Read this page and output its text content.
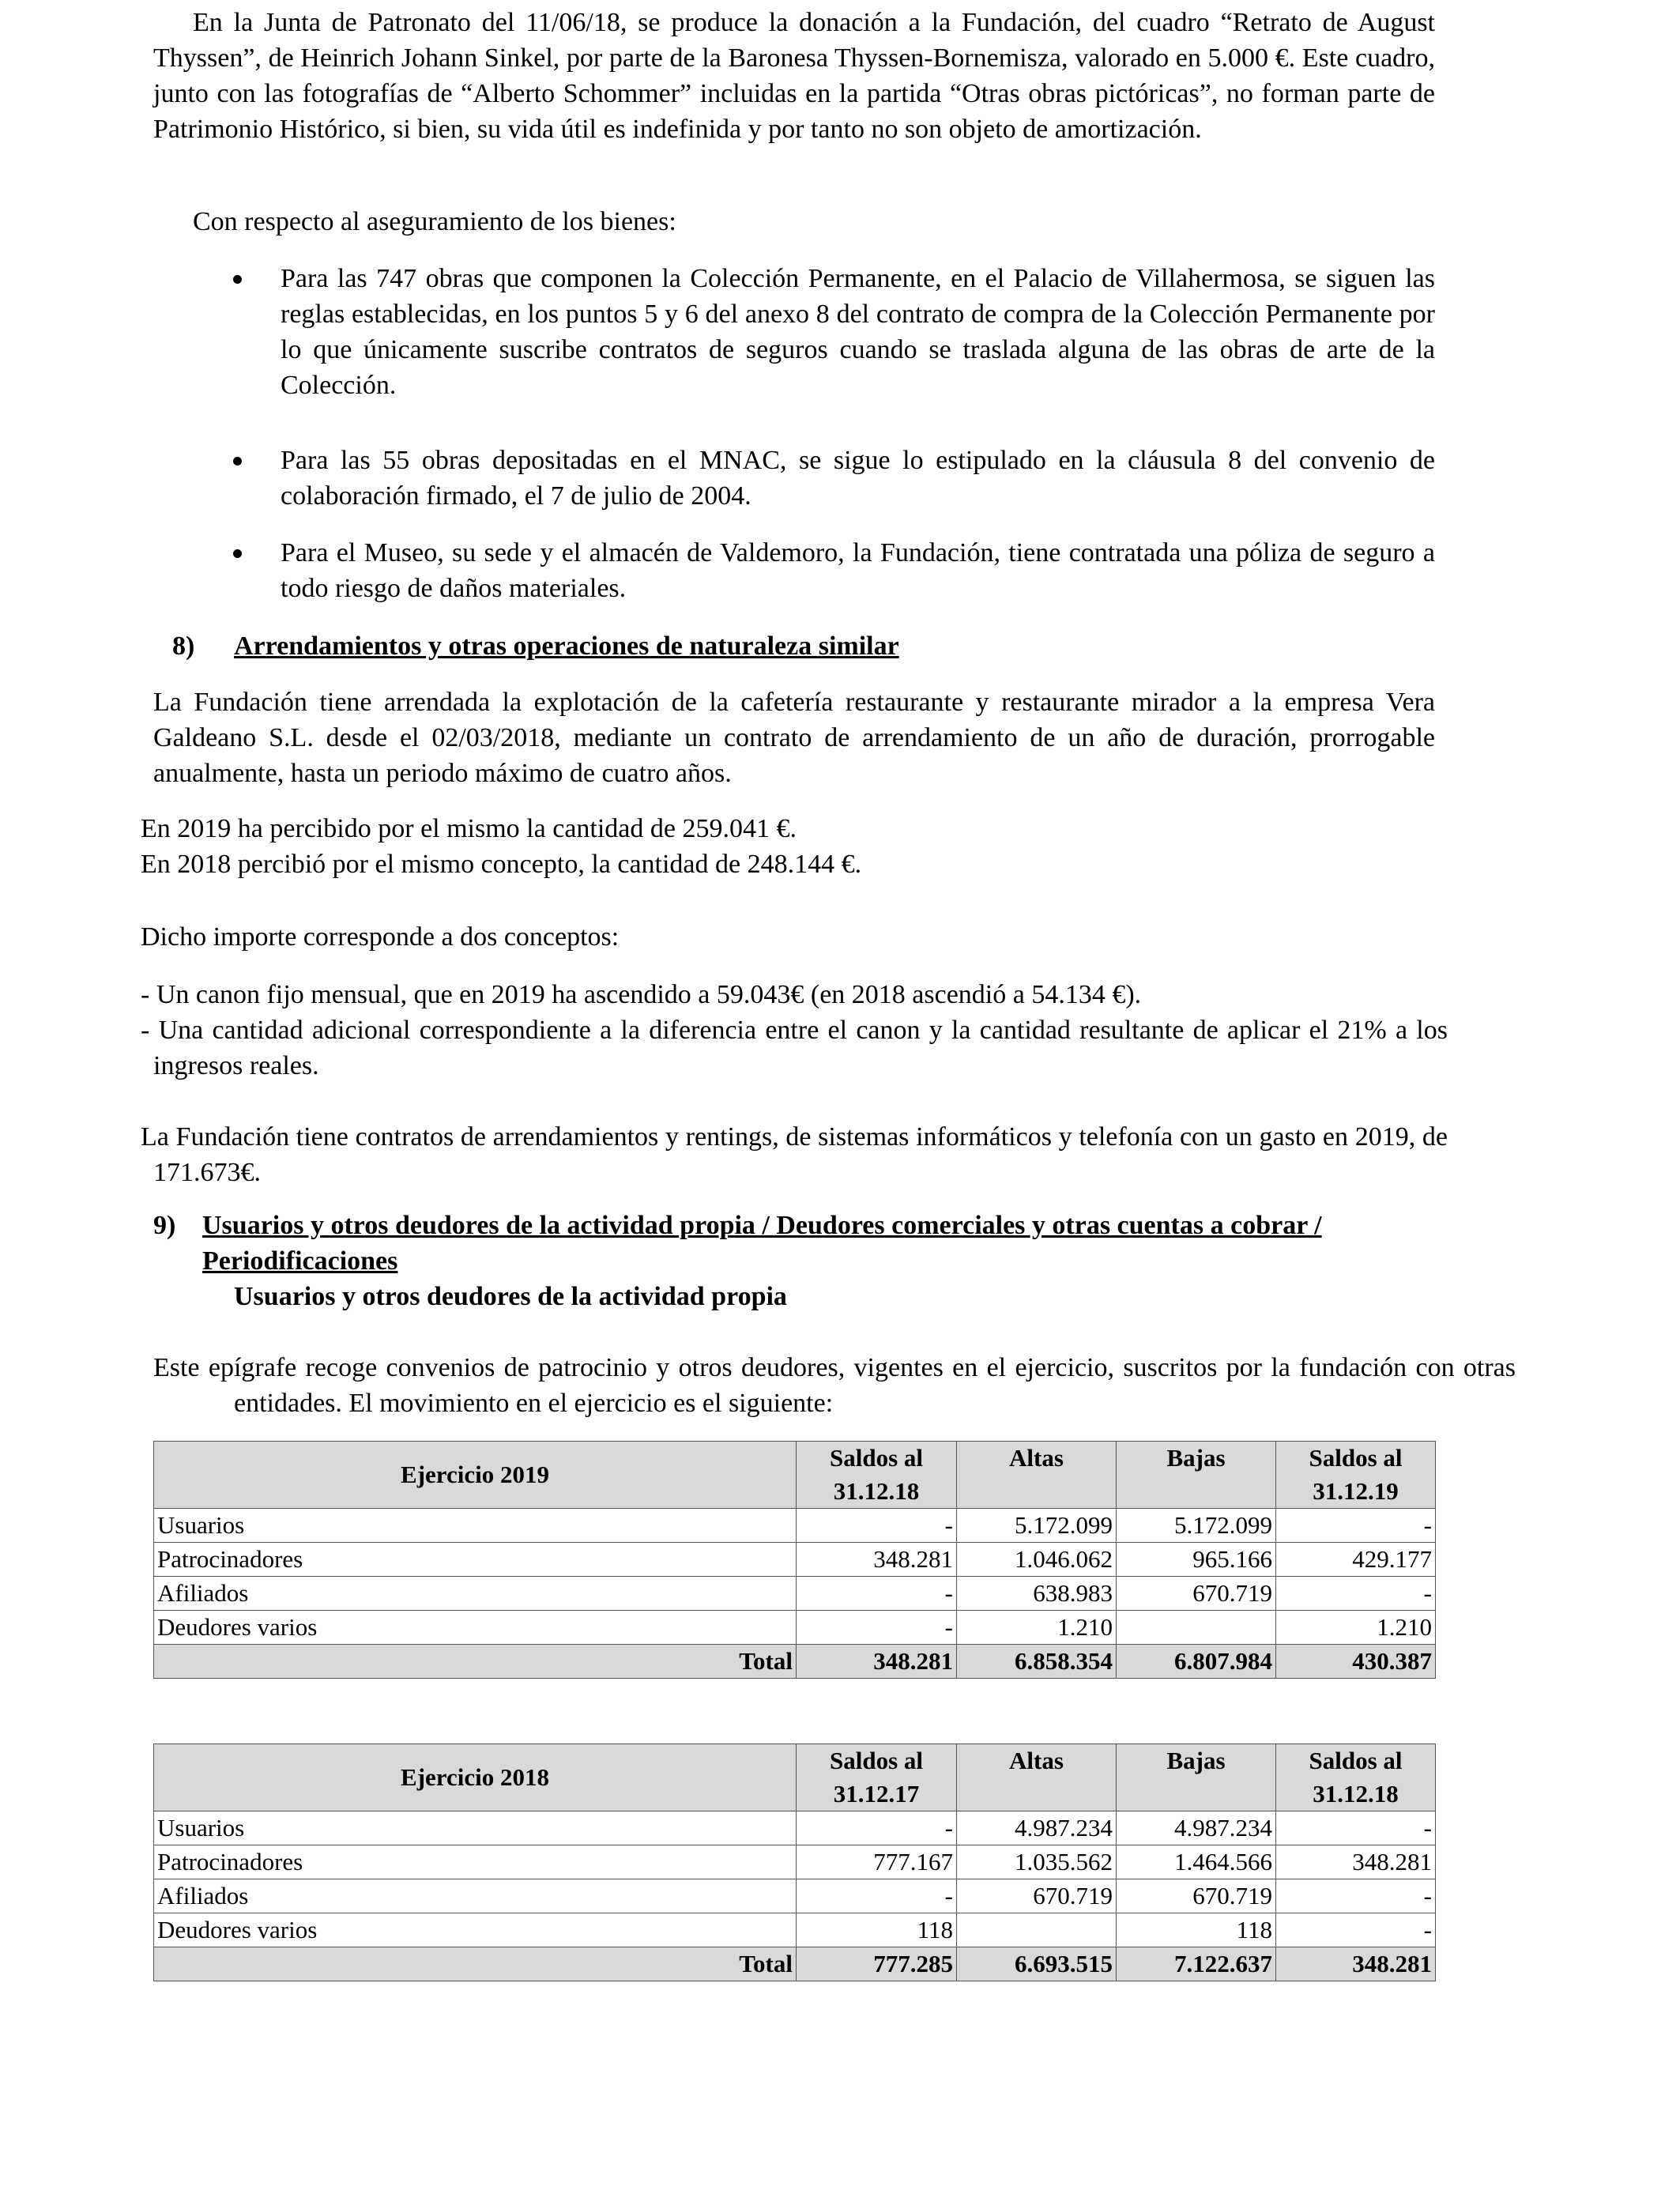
En la Junta de Patronato del 11/06/18, se produce la donación a la Fundación, del cuadro “Retrato de August Thyssen”, de Heinrich Johann Sinkel, por parte de la Baronesa Thyssen-Bornemisza, valorado en 5.000 €. Este cuadro, junto con las fotografías de “Alberto Schommer” incluidas en la partida “Otras obras pictóricas”, no forman parte de Patrimonio Histórico, si bien, su vida útil es indefinida y por tanto no son objeto de amortización.

Con respecto al aseguramiento de los bienes:

Para las 747 obras que componen la Colección Permanente, en el Palacio de Villahermosa, se siguen las reglas establecidas, en los puntos 5 y 6 del anexo 8 del contrato de compra de la Colección Permanente por lo que únicamente suscribe contratos de seguros cuando se traslada alguna de las obras de arte de la Colección.

Para las 55 obras depositadas en el MNAC, se sigue lo estipulado en la cláusula 8 del convenio de colaboración firmado, el 7 de julio de 2004.

Para el Museo, su sede y el almacén de Valdemoro, la Fundación, tiene contratada una póliza de seguro a todo riesgo de daños materiales.

8) Arrendamientos y otras operaciones de naturaleza similar

La Fundación tiene arrendada la explotación de la cafetería restaurante y restaurante mirador a la empresa Vera Galdeano S.L. desde el 02/03/2018, mediante un contrato de arrendamiento de un año de duración, prorrogable anualmente, hasta un periodo máximo de cuatro años.

En 2019 ha percibido por el mismo la cantidad de 259.041 €.

En 2018 percibió por el mismo concepto, la cantidad de 248.144 €.

Dicho importe corresponde a dos conceptos:

- Un canon fijo mensual, que en 2019 ha ascendido a 59.043€ (en 2018 ascendió a 54.134 €).

- Una cantidad adicional correspondiente a la diferencia entre el canon y la cantidad resultante de aplicar el 21% a los ingresos reales.

La Fundación tiene contratos de arrendamientos y rentings, de sistemas informáticos y telefonía con un gasto en 2019, de 171.673€.

9) Usuarios y otros deudores de la actividad propia / Deudores comerciales y otras cuentas a cobrar / Periodificaciones
Usuarios y otros deudores de la actividad propia

Este epígrafe recoge convenios de patrocinio y otros deudores, vigentes en el ejercicio, suscritos por la fundación con otras entidades. El movimiento en el ejercicio es el siguiente:

Ejercicio 2019	Saldos al	Altas	Bajas	Saldos al
	31.12.18			31.12.19
Usuarios	-	5.172.099	5.172.099	-
Patrocinadores	348.281	1.046.062	965.166	429.177
Afiliados	-	638.983	670.719	-
Deudores varios	-	1.210		1.210
Total	348.281	6.858.354	6.807.984	430.387
Ejercicio 2018	Saldos al	Altas	Bajas	Saldos al
	31.12.17			31.12.18
Usuarios	-	4.987.234	4.987.234	-
Patrocinadores	777.167	1.035.562	1.464.566	348.281
Afiliados	-	670.719	670.719	-
Deudores varios	118		118	-
Total	777.285	6.693.515	7.122.637	348.281
